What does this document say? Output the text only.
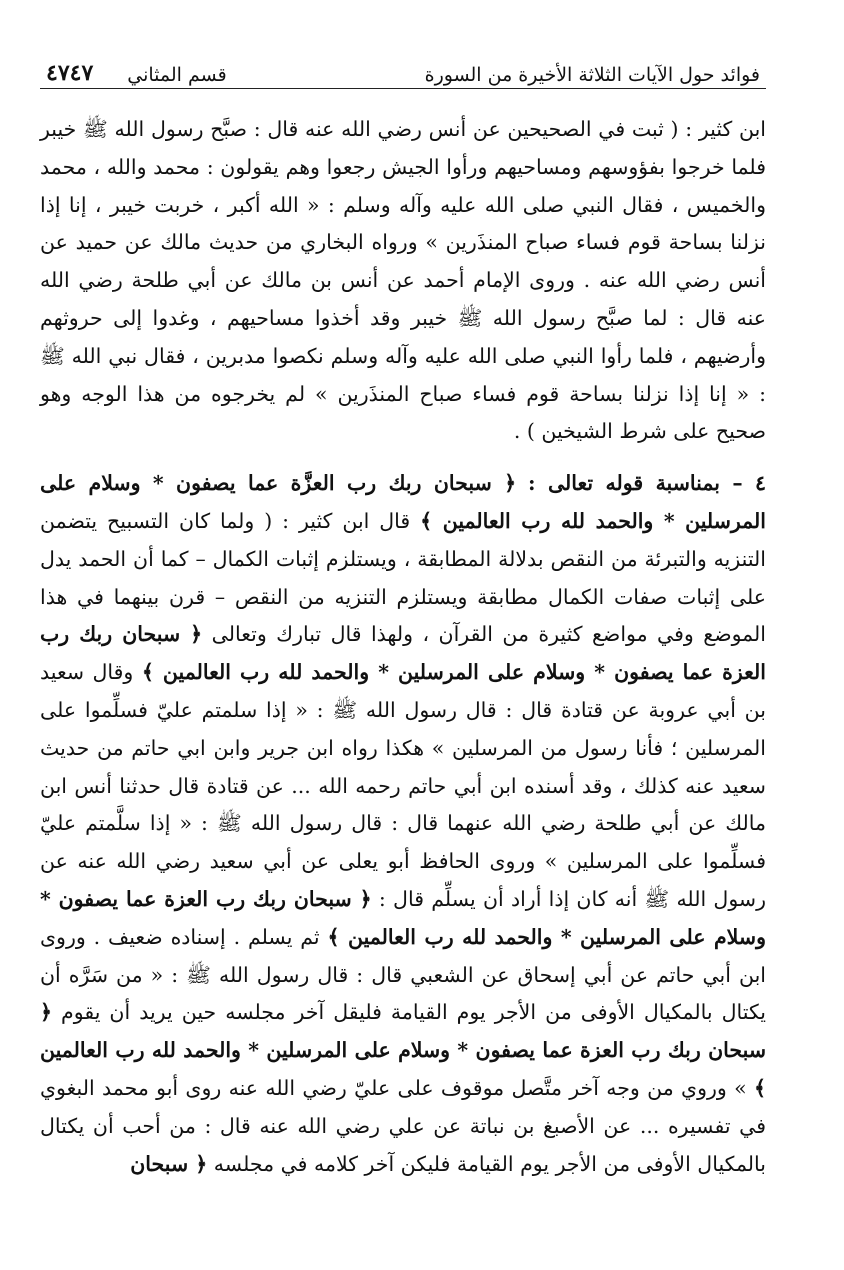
فوائد حول الآيات الثلاثة الأخيرة من السورة
قسم المثاني
٤٧٤٧

ابن كثير : ( ثبت في الصحيحين عن أنس رضي الله عنه قال : صبَّح رسول الله ﷺ خيبر فلما خرجوا بفؤوسهم ومساحيهم ورأوا الجيش رجعوا وهم يقولون : محمد والله ، محمد والخميس ، فقال النبي صلى الله عليه وآله وسلم : « الله أكبر ، خربت خيبر ، إنا إذا نزلنا بساحة قوم فساء صباح المنذَرين » ورواه البخاري من حديث مالك عن حميد عن أنس رضي الله عنه . وروى الإمام أحمد عن أنس بن مالك عن أبي طلحة رضي الله عنه قال : لما صبَّح رسول الله ﷺ خيبر وقد أخذوا مساحيهم ، وغدوا إلى حروثهم وأرضيهم ، فلما رأوا النبي صلى الله عليه وآله وسلم نكصوا مدبرين ، فقال نبي الله ﷺ : « إنا إذا نزلنا بساحة قوم فساء صباح المنذَرين » لم يخرجوه من هذا الوجه وهو صحيح على شرط الشيخين ) .

٤ – بمناسبة قوله تعالى : ﴿ سبحان ربك رب العزَّة عما يصفون * وسلام على المرسلين * والحمد لله رب العالمين ﴾ قال ابن كثير : ( ولما كان التسبيح يتضمن التنزيه والتبرئة من النقص بدلالة المطابقة ، ويستلزم إثبات الكمال – كما أن الحمد يدل على إثبات صفات الكمال مطابقة ويستلزم التنزيه من النقص – قرن بينهما في هذا الموضع وفي مواضع كثيرة من القرآن ، ولهذا قال تبارك وتعالى ﴿ سبحان ربك رب العزة عما يصفون * وسلام على المرسلين * والحمد لله رب العالمين ﴾ وقال سعيد بن أبي عروبة عن قتادة قال : قال رسول الله ﷺ : « إذا سلمتم عليّ فسلِّموا على المرسلين ؛ فأنا رسول من المرسلين » هكذا رواه ابن جرير وابن ابي حاتم من حديث سعيد عنه كذلك ، وقد أسنده ابن أبي حاتم رحمه الله ... عن قتادة قال حدثنا أنس ابن مالك عن أبي طلحة رضي الله عنهما قال : قال رسول الله ﷺ : « إذا سلَّمتم عليّ فسلِّموا على المرسلين » وروى الحافظ أبو يعلى عن أبي سعيد رضي الله عنه عن رسول الله ﷺ أنه كان إذا أراد أن يسلِّم قال : ﴿ سبحان ربك رب العزة عما يصفون * وسلام على المرسلين * والحمد لله رب العالمين ﴾ ثم يسلم . إسناده ضعيف . وروى ابن أبي حاتم عن أبي إسحاق عن الشعبي قال : قال رسول الله ﷺ : « من سَرَّه أن يكتال بالمكيال الأوفى من الأجر يوم القيامة فليقل آخر مجلسه حين يريد أن يقوم ﴿ سبحان ربك رب العزة عما يصفون * وسلام على المرسلين * والحمد لله رب العالمين ﴾ » وروي من وجه آخر متَّصل موقوف على عليّ رضي الله عنه روى أبو محمد البغوي في تفسيره ... عن الأصبغ بن نباتة عن علي رضي الله عنه قال : من أحب أن يكتال بالمكيال الأوفى من الأجر يوم القيامة فليكن آخر كلامه في مجلسه ﴿ سبحان
